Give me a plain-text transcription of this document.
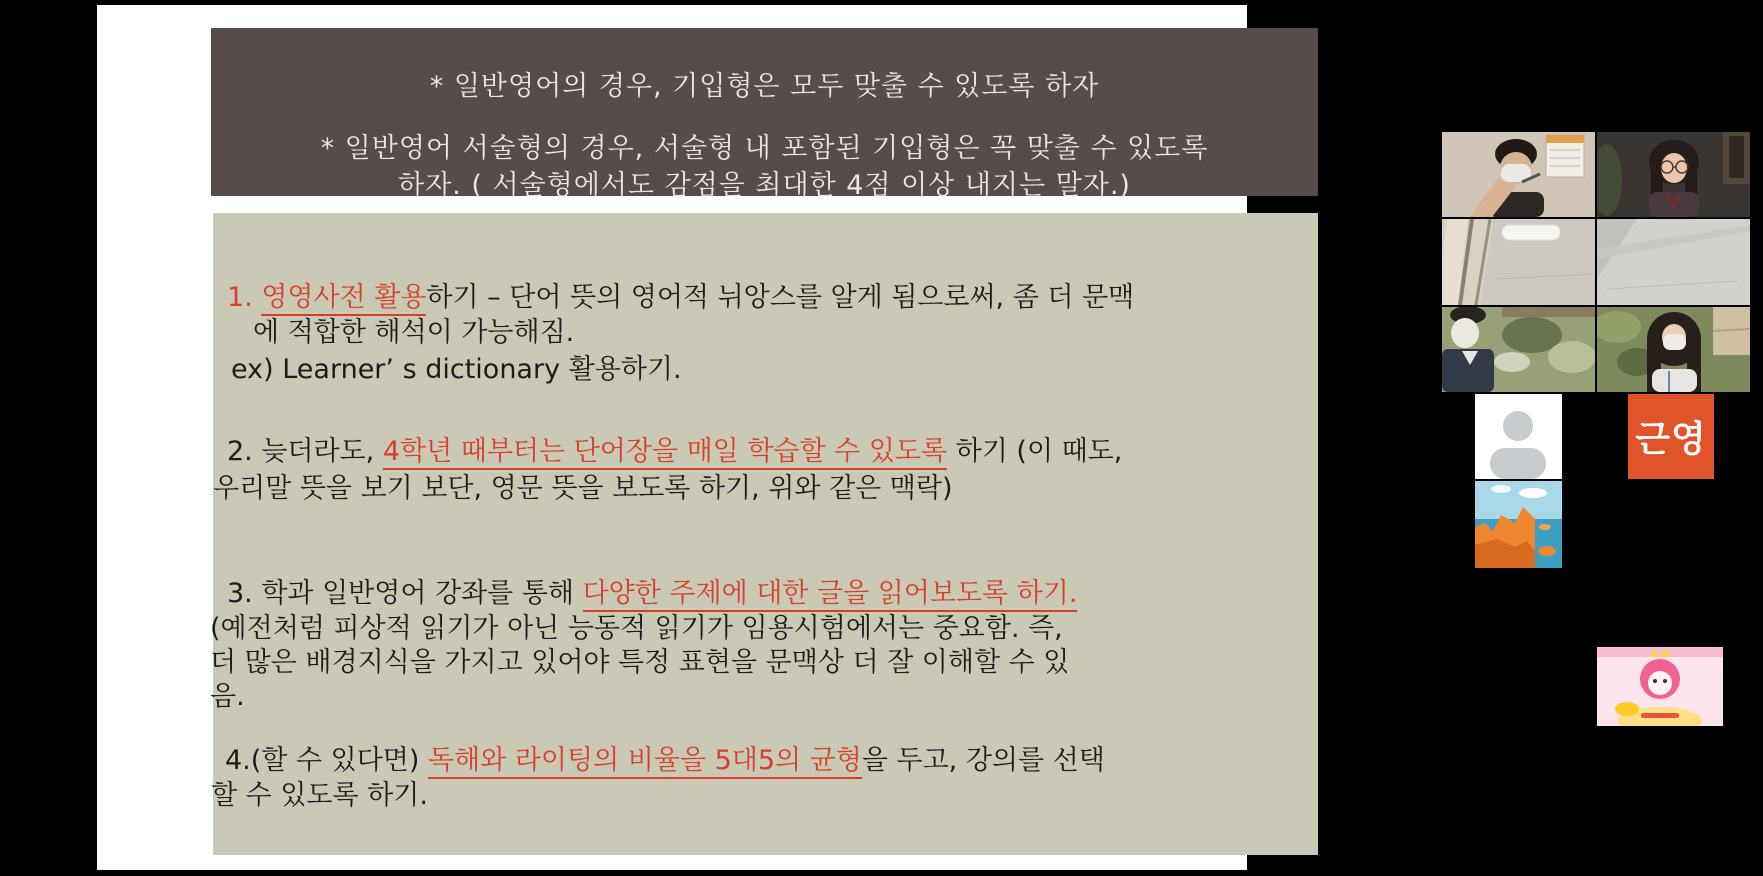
* 일반영어의 경우, 기입형은 모두 맞출 수 있도록 하자
* 일반영어 서술형의 경우, 서술형 내 포함된 기입형은 꼭 맞출 수 있도록
하자. ( 서술형에서도 감점을 최대한 4점 이상 내지는 말자.)
1. 영영사전 활용하기 – 단어 뜻의 영어적 뉘앙스를 알게 됨으로써, 좀 더 문맥
에 적합한 해석이 가능해짐.
ex) Learner’ s dictionary 활용하기.
2. 늦더라도, 4학년 때부터는 단어장을 매일 학습할 수 있도록 하기 (이 때도,
우리말 뜻을 보기 보단, 영문 뜻을 보도록 하기, 위와 같은 맥락)
3. 학과 일반영어 강좌를 통해 다양한 주제에 대한 글을 읽어보도록 하기.
(예전처럼 피상적 읽기가 아닌 능동적 읽기가 임용시험에서는 중요함. 즉,
더 많은 배경지식을 가지고 있어야 특정 표현을 문맥상 더 잘 이해할 수 있
음.
4.(할 수 있다면) 독해와 라이팅의 비율을 5대5의 균형을 두고, 강의를 선택
할 수 있도록 하기.
근영
